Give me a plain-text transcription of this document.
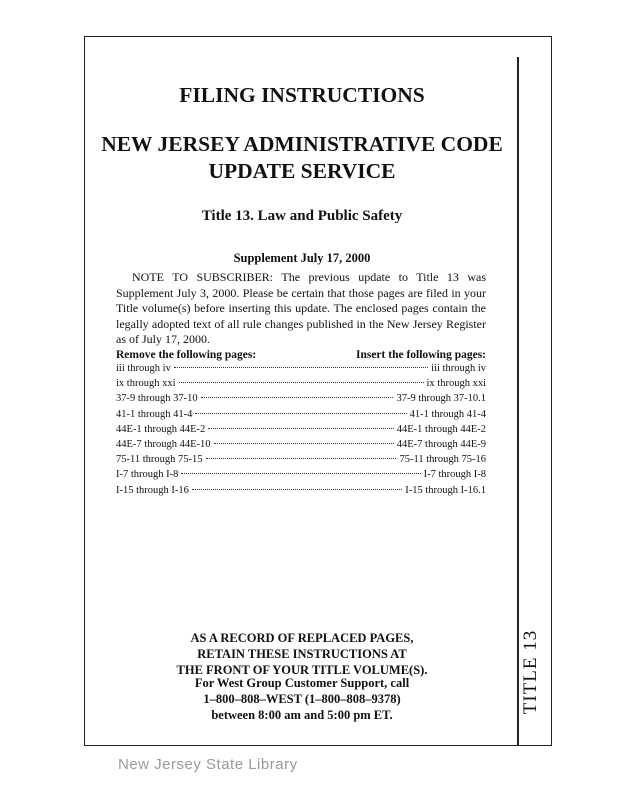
TITLE 13
FILING INSTRUCTIONS
NEW JERSEY ADMINISTRATIVE CODE
UPDATE SERVICE
Title 13. Law and Public Safety
Supplement July 17, 2000
NOTE TO SUBSCRIBER: The previous update to Title 13 was Supplement July 3, 2000. Please be certain that those pages are filed in your Title volume(s) before inserting this update. The enclosed pages contain the legally adopted text of all rule changes published in the New Jersey Register as of July 17, 2000.
Remove the following pages:	Insert the following pages:
iii through iv	iii through iv
ix through xxi	ix through xxi
37-9 through 37-10	37-9 through 37-10.1
41-1 through 41-4	41-1 through 41-4
44E-1 through 44E-2	44E-1 through 44E-2
44E-7 through 44E-10	44E-7 through 44E-9
75-11 through 75-15	75-11 through 75-16
I-7 through I-8	I-7 through I-8
I-15 through I-16	I-15 through I-16.1
AS A RECORD OF REPLACED PAGES,
RETAIN THESE INSTRUCTIONS AT
THE FRONT OF YOUR TITLE VOLUME(S).
For West Group Customer Support, call
1–800–808–WEST (1–800–808–9378)
between 8:00 am and 5:00 pm ET.
New Jersey State Library
